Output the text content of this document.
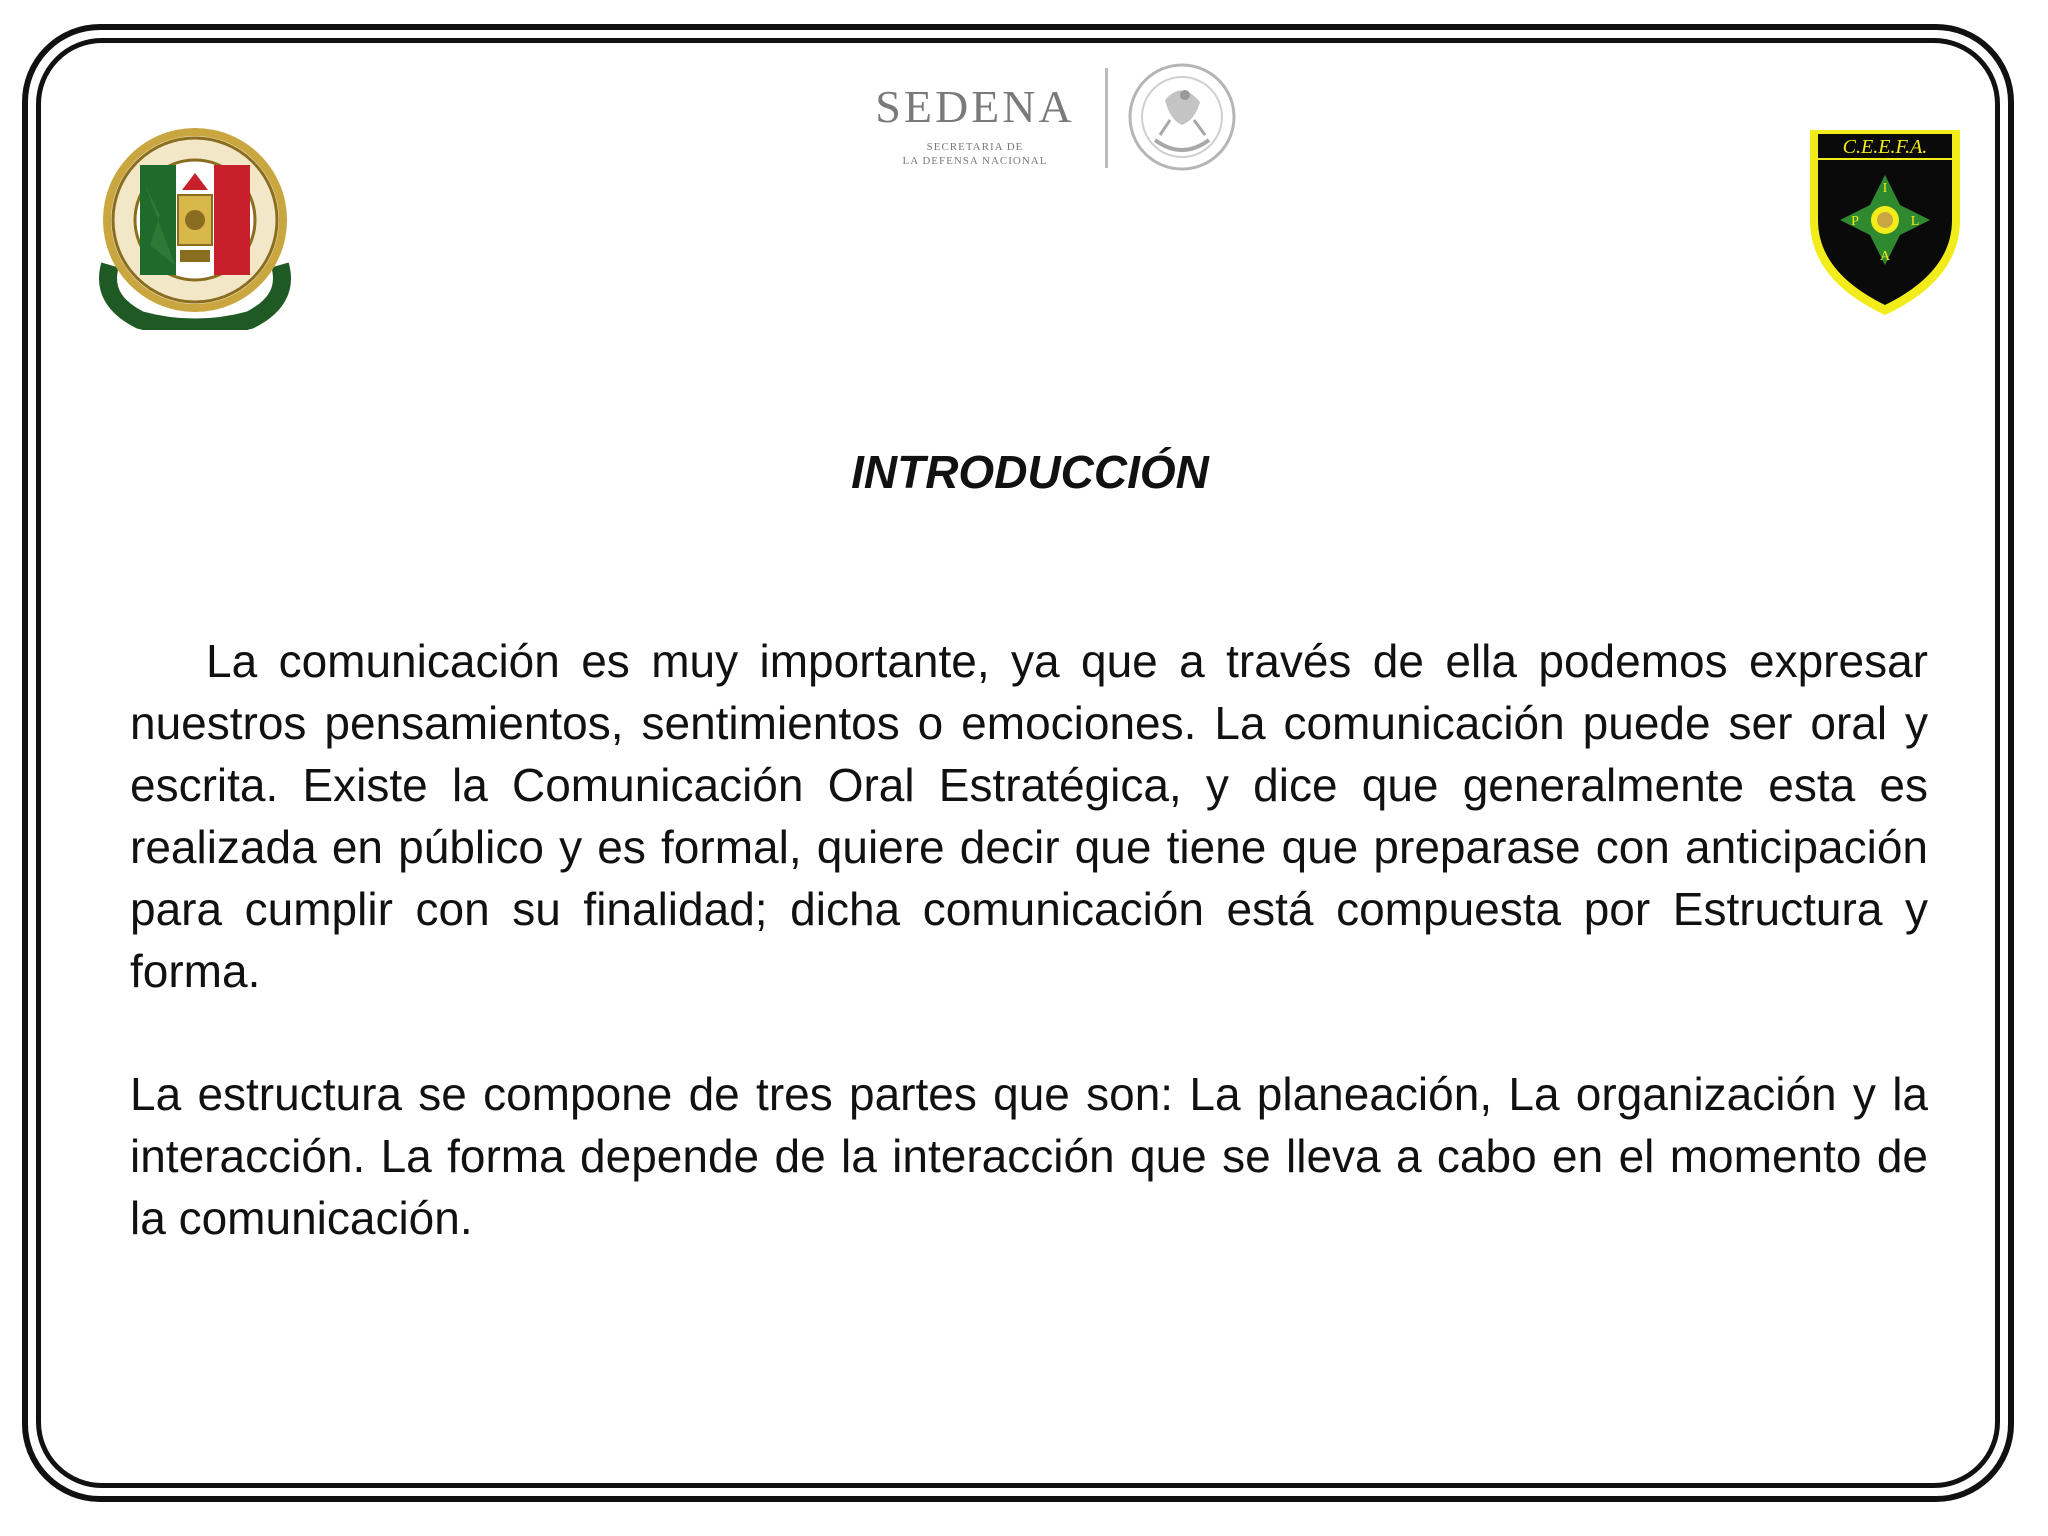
SEDENA
SECRETARIA DE
LA DEFENSA NACIONAL
C.E.E.F.A.
I
P	L
A
INTRODUCCIÓN

La comunicación es muy importante, ya que a través de ella podemos expresar nuestros pensamientos, sentimientos o emociones. La comunicación puede ser oral y escrita. Existe la Comunicación Oral Estratégica, y dice que generalmente esta es realizada en público y es formal, quiere decir que tiene que preparase con anticipación para cumplir con su finalidad; dicha comunicación está compuesta por Estructura y forma.

La estructura se compone de tres partes que son: La planeación, La organización y la interacción. La forma depende de la interacción que se lleva a cabo en el momento de la comunicación.
